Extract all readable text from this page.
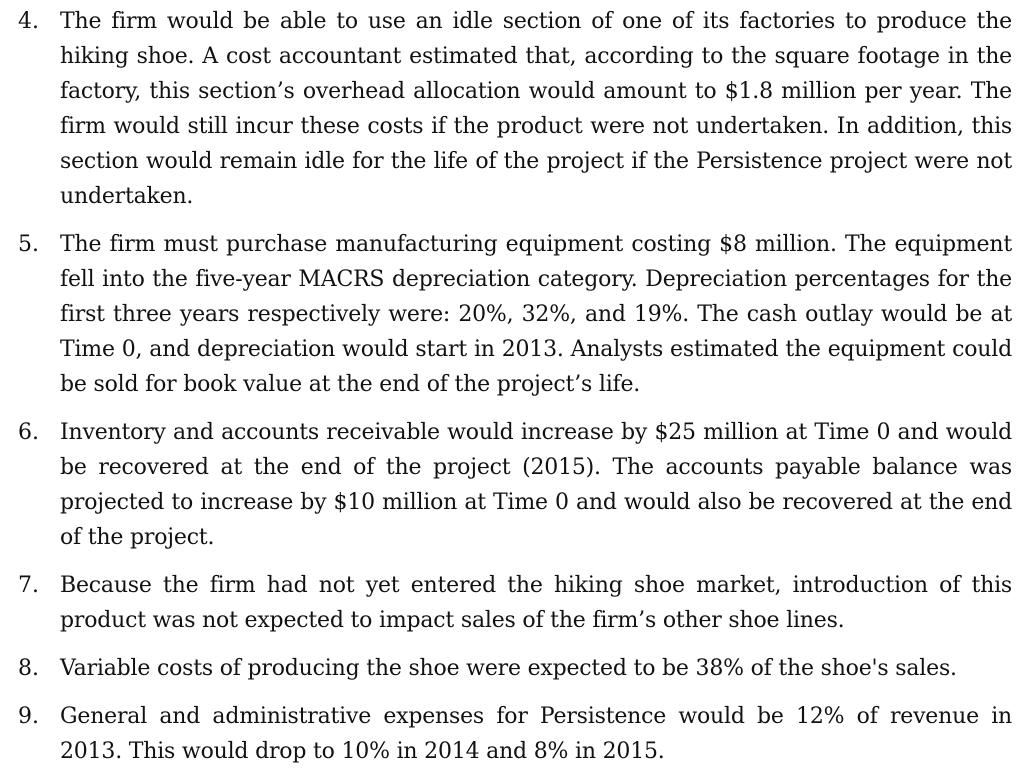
4. The firm would be able to use an idle section of one of its factories to produce the hiking shoe. A cost accountant estimated that, according to the square footage in the factory, this section’s overhead allocation would amount to $1.8 million per year. The firm would still incur these costs if the product were not undertaken. In addition, this section would remain idle for the life of the project if the Persistence project were not undertaken.
5. The firm must purchase manufacturing equipment costing $8 million. The equipment fell into the five-year MACRS depreciation category. Depreciation percentages for the first three years respectively were: 20%, 32%, and 19%. The cash outlay would be at Time 0, and depreciation would start in 2013. Analysts estimated the equipment could be sold for book value at the end of the project’s life.
6. Inventory and accounts receivable would increase by $25 million at Time 0 and would be recovered at the end of the project (2015). The accounts payable balance was projected to increase by $10 million at Time 0 and would also be recovered at the end of the project.
7. Because the firm had not yet entered the hiking shoe market, introduction of this product was not expected to impact sales of the firm’s other shoe lines.
8. Variable costs of producing the shoe were expected to be 38% of the shoe's sales.
9. General and administrative expenses for Persistence would be 12% of revenue in 2013. This would drop to 10% in 2014 and 8% in 2015.
